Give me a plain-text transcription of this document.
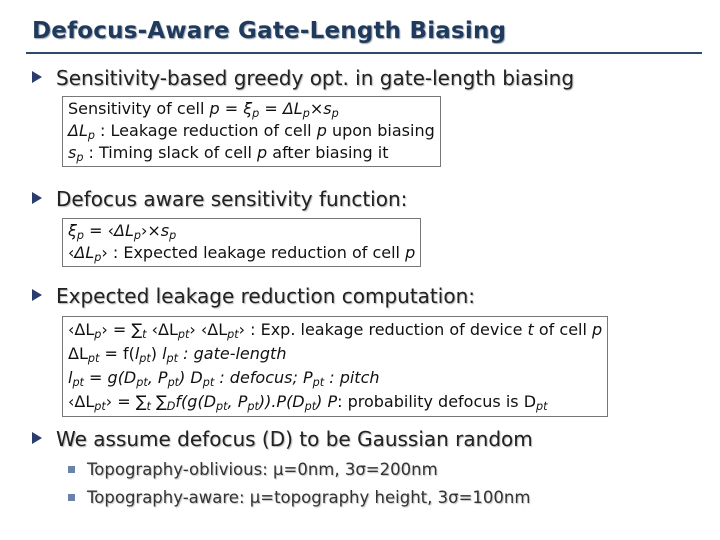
Defocus-Aware Gate-Length Biasing
Sensitivity-based greedy opt. in gate-length biasing
Sensitivity of cell $p = \xi_p = \Delta L_p\times s_p$
$\Delta L_p$ : Leakage reduction of cell p upon biasing
$s_p$ : Timing slack of cell p after biasing it
Defocus aware sensitivity function:
$\xi_p$ = $‹\Delta L_p›\times s_p$
$‹\Delta L_p›$ : Expected leakage reduction of cell p
Expected leakage reduction computation:
$‹\Delta L_p› = \sum_t$ $‹\Delta L_{pt}›$ $‹\Delta L_{pt}›$ : Exp. leakage reduction of device t of cell p
$\Delta L_{pt} = f(l_{pt})$ $l_{pt}$ : gate-length
$l_{pt} = g(D_{pt}$, $P_{pt}$) $D_{pt}$ : defocus; $P_{pt}$ : pitch
$‹\Delta L_{pt}› = \sum_t$ $\sum_Df(g(D_{pt}$, $P_{pt})).P(D_{pt})$ P: probability defocus is $D_{pt}$
We assume defocus (D) to be Gaussian random
Topography-oblivious: μ=0nm, 3σ=200nm
Topography-aware: μ=topography height, 3σ=100nm
